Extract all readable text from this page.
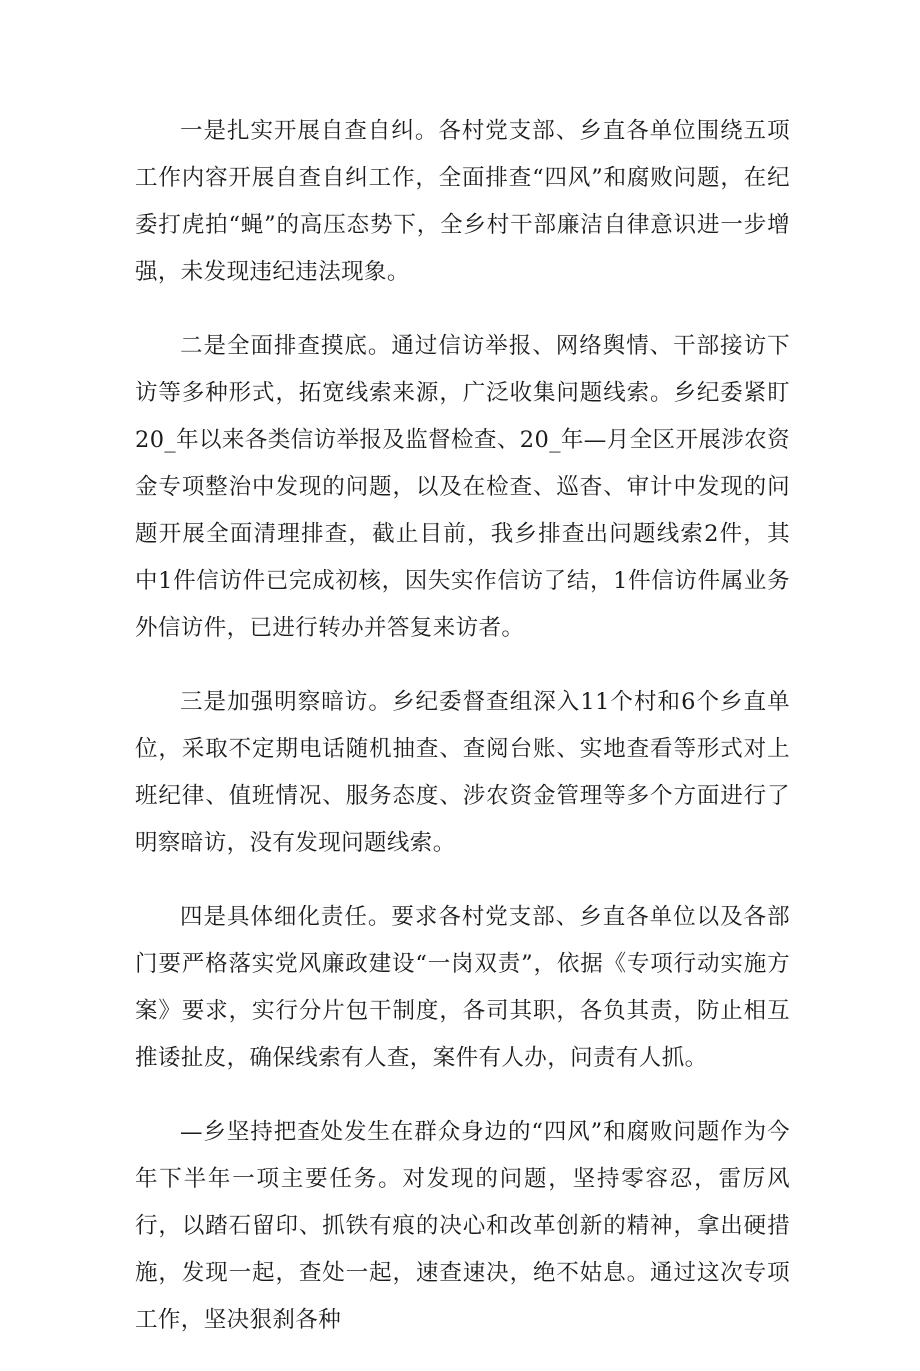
一是扎实开展自查自纠。各村党支部、乡直各单位围绕五项工作内容开展自查自纠工作，全面排查“四风”和腐败问题，在纪委打虎拍“蝇”的高压态势下，全乡村干部廉洁自律意识进一步增强，未发现违纪违法现象。

二是全面排查摸底。通过信访举报、网络舆情、干部接访下访等多种形式，拓宽线索来源，广泛收集问题线索。乡纪委紧盯20_年以来各类信访举报及监督检查、20_年—月全区开展涉农资金专项整治中发现的问题，以及在检查、巡杳、审计中发现的问题开展全面清理排查，截止目前，我乡排查出问题线索2件，其中1件信访件已完成初核，因失实作信访了结，1件信访件属业务外信访件，已进行转办并答复来访者。

三是加强明察暗访。乡纪委督查组深入11个村和6个乡直单位，采取不定期电话随机抽查、查阅台账、实地查看等形式对上班纪律、值班情况、服务态度、涉农资金管理等多个方面进行了明察暗访，没有发现问题线索。

四是具体细化责任。要求各村党支部、乡直各单位以及各部门要严格落实党风廉政建设“一岗双责”，依据《专项行动实施方案》要求，实行分片包干制度，各司其职，各负其责，防止相互推诿扯皮，确保线索有人查，案件有人办，问责有人抓。

—乡坚持把查处发生在群众身边的“四风”和腐败问题作为今年下半年一项主要任务。对发现的问题，坚持零容忍，雷厉风行，以踏石留印、抓铁有痕的决心和改革创新的精神，拿出硬措施，发现一起，查处一起，速查速决，绝不姑息。通过这次专项工作，坚决狠刹各种
